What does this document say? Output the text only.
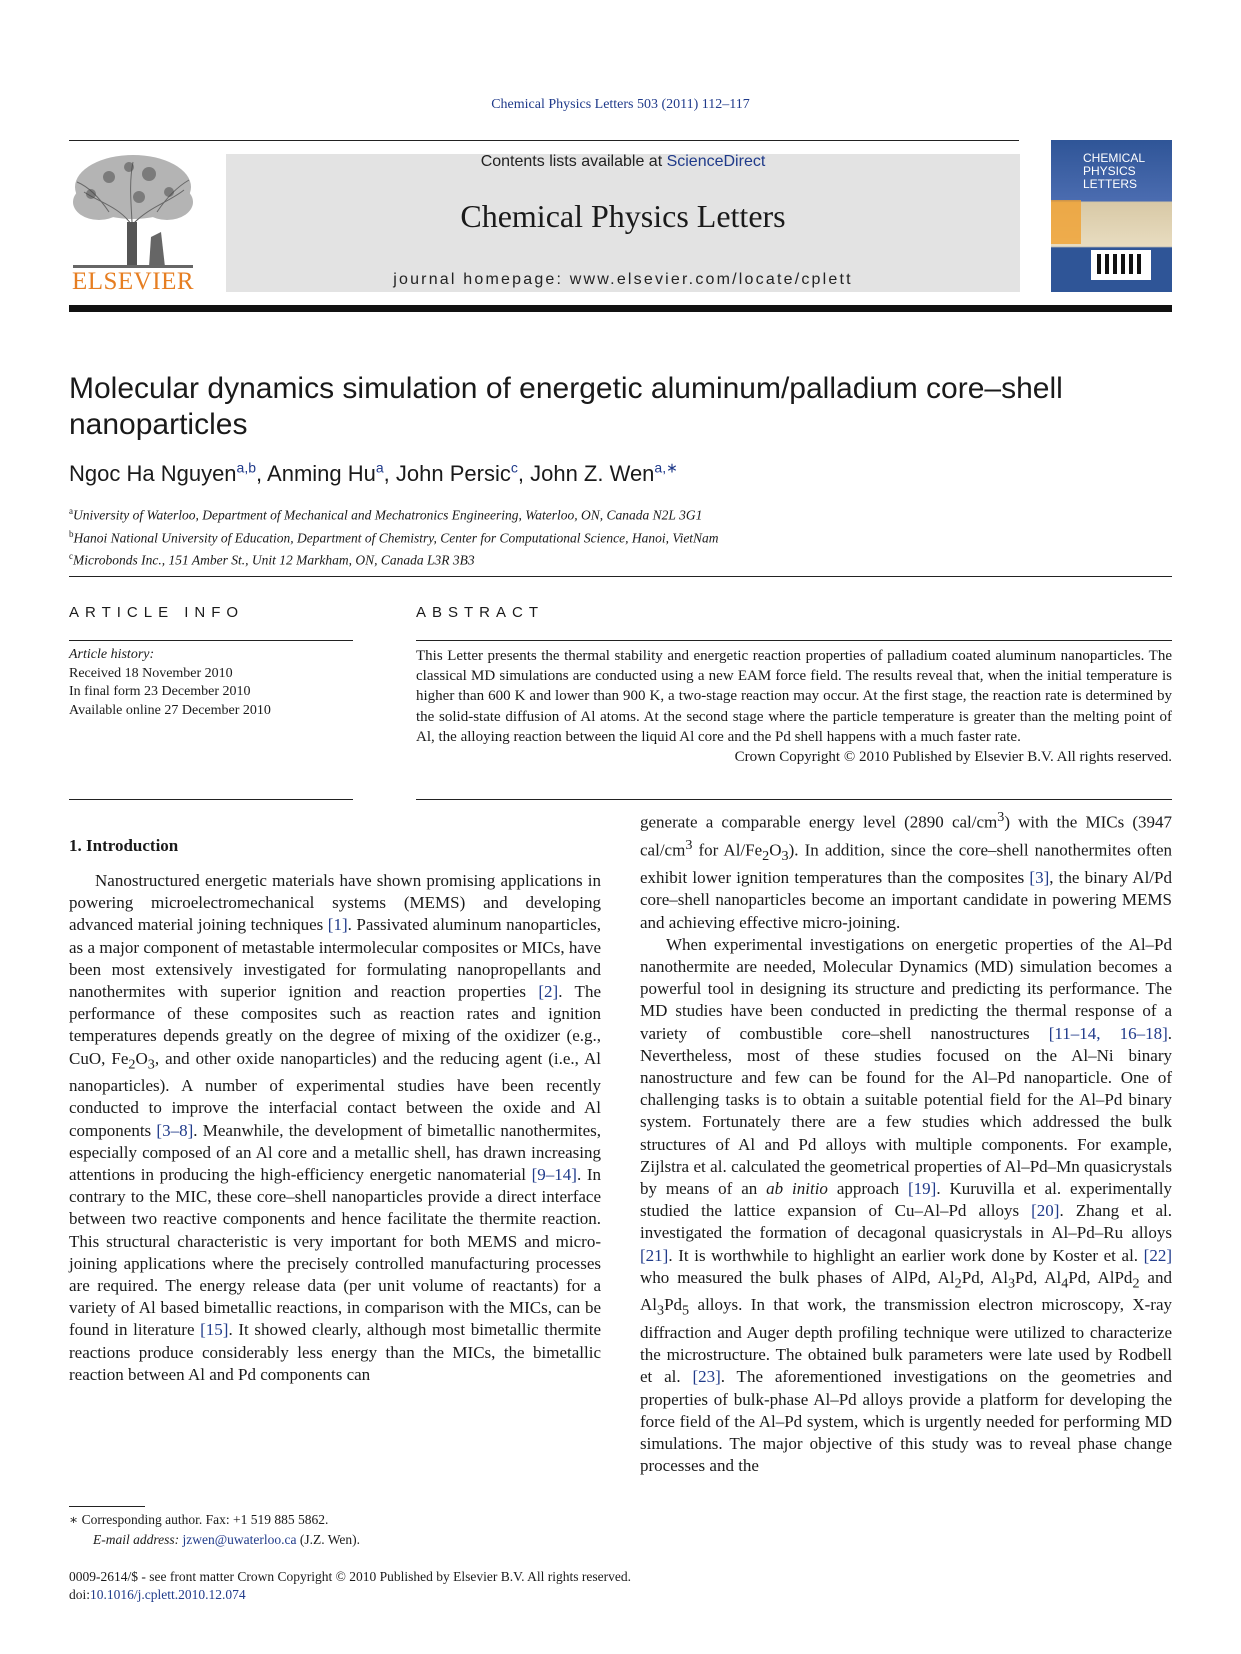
Chemical Physics Letters 503 (2011) 112–117
ELSEVIER
Contents lists available at ScienceDirect
Chemical Physics Letters
journal homepage: www.elsevier.com/locate/cplett
CHEMICAL
PHYSICS
LETTERS
Molecular dynamics simulation of energetic aluminum/palladium core–shell nanoparticles
Ngoc Ha Nguyen$^{a,b}$, Anming Hu$^a$, John Persic$^c$, John Z. Wen$^{a,∗}$
$^a$University of Waterloo, Department of Mechanical and Mechatronics Engineering, Waterloo, ON, Canada N2L 3G1
$^b$Hanoi National University of Education, Department of Chemistry, Center for Computational Science, Hanoi, VietNam
$^c$Microbonds Inc., 151 Amber St., Unit 12 Markham, ON, Canada L3R 3B3
ARTICLE INFO	ABSTRACT
Article history:
Received 18 November 2010
In final form 23 December 2010
Available online 27 December 2010
This Letter presents the thermal stability and energetic reaction properties of palladium coated aluminum nanoparticles. The classical MD simulations are conducted using a new EAM force field. The results reveal that, when the initial temperature is higher than 600 K and lower than 900 K, a two-stage reaction may occur. At the first stage, the reaction rate is determined by the solid-state diffusion of Al atoms. At the second stage where the particle temperature is greater than the melting point of Al, the alloying reaction between the liquid Al core and the Pd shell happens with a much faster rate.
Crown Copyright © 2010 Published by Elsevier B.V. All rights reserved.
1. Introduction

Nanostructured energetic materials have shown promising applications in powering microelectromechanical systems (MEMS) and developing advanced material joining techniques [1]. Passivated aluminum nanoparticles, as a major component of metastable intermolecular composites or MICs, have been most extensively investigated for formulating nanopropellants and nanothermites with superior ignition and reaction properties [2]. The performance of these composites such as reaction rates and ignition temperatures depends greatly on the degree of mixing of the oxidizer (e.g., CuO, $Fe_2O_3$, and other oxide nanoparticles) and the reducing agent (i.e., Al nanoparticles). A number of experimental studies have been recently conducted to improve the interfacial contact between the oxide and Al components [3–8]. Meanwhile, the development of bimetallic nanothermites, especially composed of an Al core and a metallic shell, has drawn increasing attentions in producing the high-efficiency energetic nanomaterial [9–14]. In contrary to the MIC, these core–shell nanoparticles provide a direct interface between two reactive components and hence facilitate the thermite reaction. This structural characteristic is very important for both MEMS and micro-joining applications where the precisely controlled manufacturing processes are required. The energy release data (per unit volume of reactants) for a variety of Al based bimetallic reactions, in comparison with the MICs, can be found in literature [15]. It showed clearly, although most bimetallic thermite reactions produce considerably less energy than the MICs, the bimetallic reaction between Al and Pd components can

generate a comparable energy level (2890 cal/$cm^3$) with the MICs (3947 cal/$cm^3$ for $Al/Fe_2O_3$). In addition, since the core–shell nanothermites often exhibit lower ignition temperatures than the composites [3], the binary Al/Pd core–shell nanoparticles become an important candidate in powering MEMS and achieving effective micro-joining.

When experimental investigations on energetic properties of the Al–Pd nanothermite are needed, Molecular Dynamics (MD) simulation becomes a powerful tool in designing its structure and predicting its performance. The MD studies have been conducted in predicting the thermal response of a variety of combustible core–shell nanostructures [11–14, 16–18]. Nevertheless, most of these studies focused on the Al–Ni binary nanostructure and few can be found for the Al–Pd nanoparticle. One of challenging tasks is to obtain a suitable potential field for the Al–Pd binary system. Fortunately there are a few studies which addressed the bulk structures of Al and Pd alloys with multiple components. For example, Zijlstra et al. calculated the geometrical properties of Al–Pd–Mn quasicrystals by means of an ab initio approach [19]. Kuruvilla et al. experimentally studied the lattice expansion of Cu–Al–Pd alloys [20]. Zhang et al. investigated the formation of decagonal quasicrystals in Al–Pd–Ru alloys [21]. It is worthwhile to highlight an earlier work done by Koster et al. [22] who measured the bulk phases of AlPd, $Al_2Pd$, $Al_3Pd$, $Al_4Pd$, AlPd$_2$ and $Al_3Pd_5$ alloys. In that work, the transmission electron microscopy, X-ray diffraction and Auger depth profiling technique were utilized to characterize the microstructure. The obtained bulk parameters were late used by Rodbell et al. [23]. The aforementioned investigations on the geometries and properties of bulk-phase Al–Pd alloys provide a platform for developing the force field of the Al–Pd system, which is urgently needed for performing MD simulations. The major objective of this study was to reveal phase change processes and the

∗ Corresponding author. Fax: +1 519 885 5862.
E-mail address: jzwen@uwaterloo.ca (J.Z. Wen).
0009-2614/$ - see front matter Crown Copyright © 2010 Published by Elsevier B.V. All rights reserved.
doi:10.1016/j.cplett.2010.12.074
